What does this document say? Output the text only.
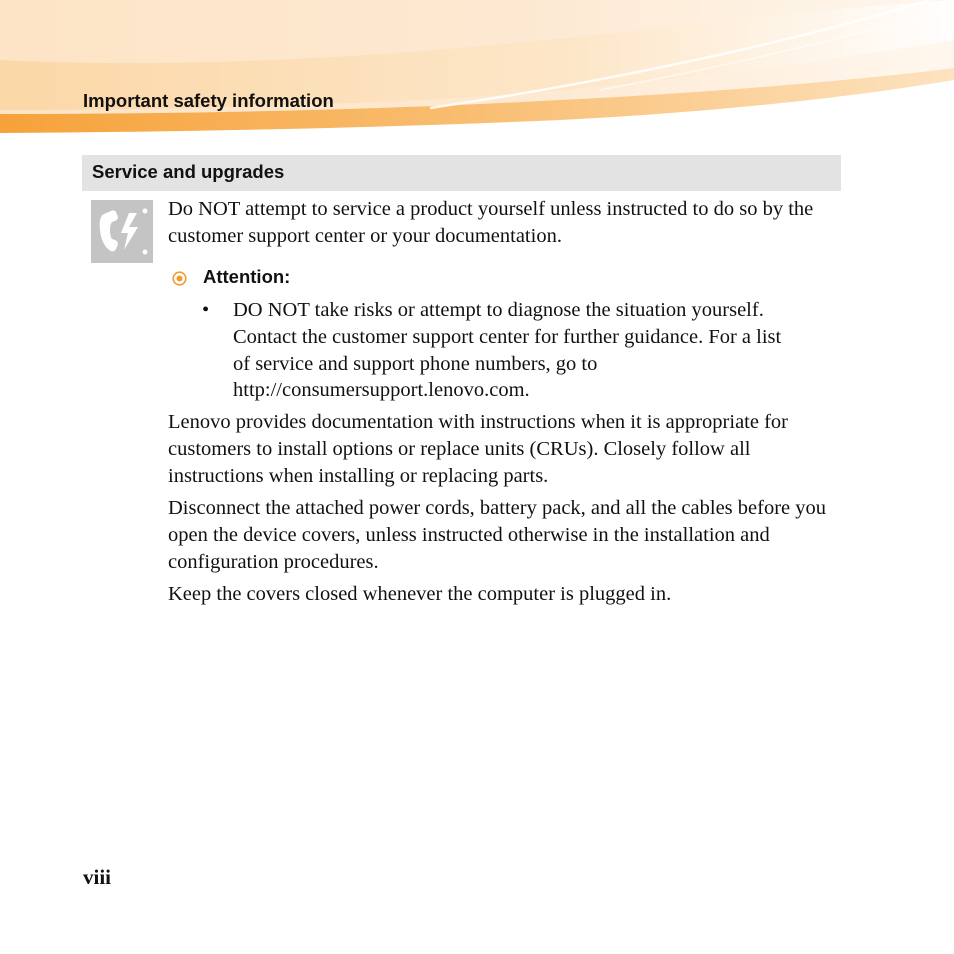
Important safety information
Service and upgrades

Do NOT attempt to service a product yourself unless instructed to do so by the customer support center or your documentation.

Attention:
• DO NOT take risks or attempt to diagnose the situation yourself. Contact the customer support center for further guidance. For a list of service and support phone numbers, go to http://consumersupport.lenovo.com.

Lenovo provides documentation with instructions when it is appropriate for customers to install options or replace units (CRUs). Closely follow all instructions when installing or replacing parts.

Disconnect the attached power cords, battery pack, and all the cables before you open the device covers, unless instructed otherwise in the installation and configuration procedures.

Keep the covers closed whenever the computer is plugged in.

viii
